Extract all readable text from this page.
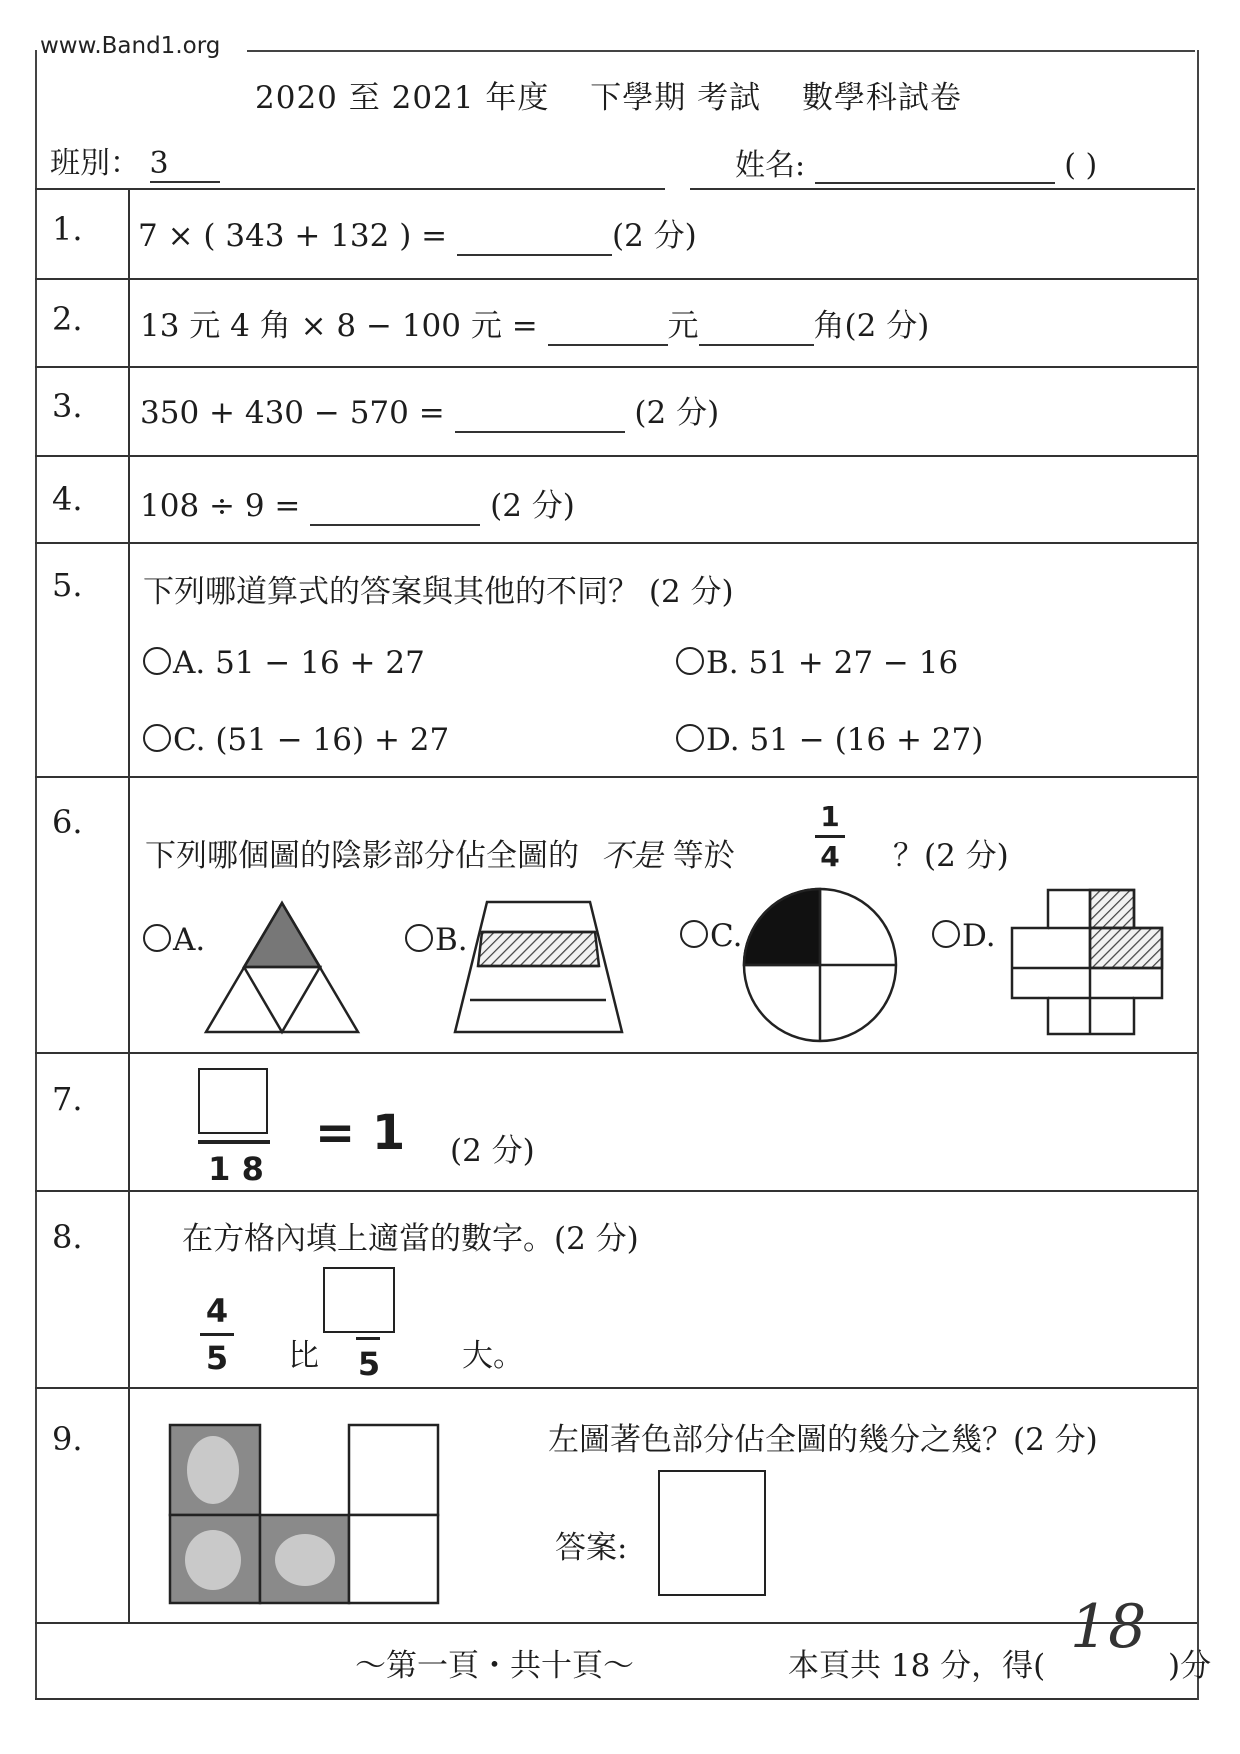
www.Band1.org
2020 至 2021 年度 下學期 考試 數學科試卷
班別： 3	姓名:	( )
1. 7 × ( 343 + 132 ) =	(2 分)
2. 13 元 4 角 × 8 − 100 元 =	元	角(2 分)
3. 350 + 430 − 570 =	(2 分)
4. 108 ÷ 9 =	(2 分)
5. 下列哪道算式的答案與其他的不同？ (2 分)
A. 51 − 16 + 27	B. 51 + 27 − 16
C. (51 − 16) + 27	D. 51 − (16 + 27)
6.
下列哪個圖的陰影部分佔全圖的 不是 等於
1
4 ？(2 分)
A.	B.	C.	D.
7.
1 8
= 1 (2 分)
8.	在方格內填上適當的數字。(2 分)
4
5 比 5	大。
9.	左圖著色部分佔全圖的幾分之幾？(2 分)
答案:
～第一頁・共十頁～	本頁共 18 分，得(
18
)分
